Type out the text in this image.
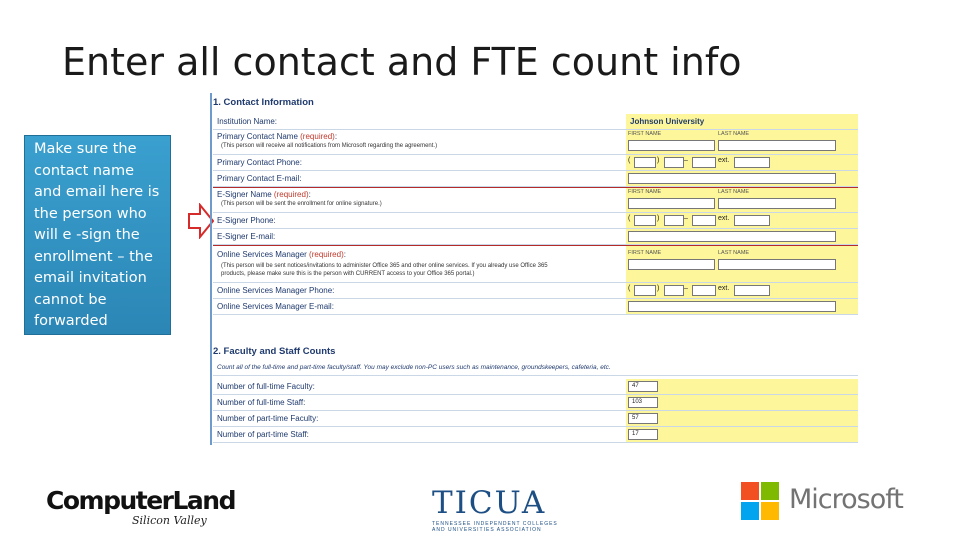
Enter all contact and FTE count info
Make sure the contact name and email here is the person who will e -sign the enrollment – the email invitation cannot be forwarded
1. Contact Information
Institution Name:	Johnson University
Primary Contact Name (required):
(This person will receive all notifications from Microsoft regarding the agreement.)
FIRST NAME	LAST NAME
Primary Contact Phone:	(	)	–	ext.
Primary Contact E-mail:
E-Signer Name (required):
(This person will be sent the enrollment for online signature.)
FIRST NAME	LAST NAME
E-Signer Phone:	(	)	–	ext.
E-Signer E-mail:
Online Services Manager (required):
(This person will be sent notices/invitations to administer Office 365 and other online services. If you already use Office 365
products, please make sure this is the person with CURRENT access to your Office 365 portal.)
FIRST NAME	LAST NAME
Online Services Manager Phone:	(	)	–	ext.
Online Services Manager E-mail:
2. Faculty and Staff Counts
Count all of the full-time and part-time faculty/staff. You may exclude non-PC users such as maintenance, groundskeepers, cafeteria, etc.
Number of full-time Faculty:	47
Number of full-time Staff:	103
Number of part-time Faculty:	57
Number of part-time Staff:	17
ComputerLand
Silicon Valley	TICUA
TENNESSEE INDEPENDENT COLLEGES
AND UNIVERSITIES ASSOCIATION
Microsoft
